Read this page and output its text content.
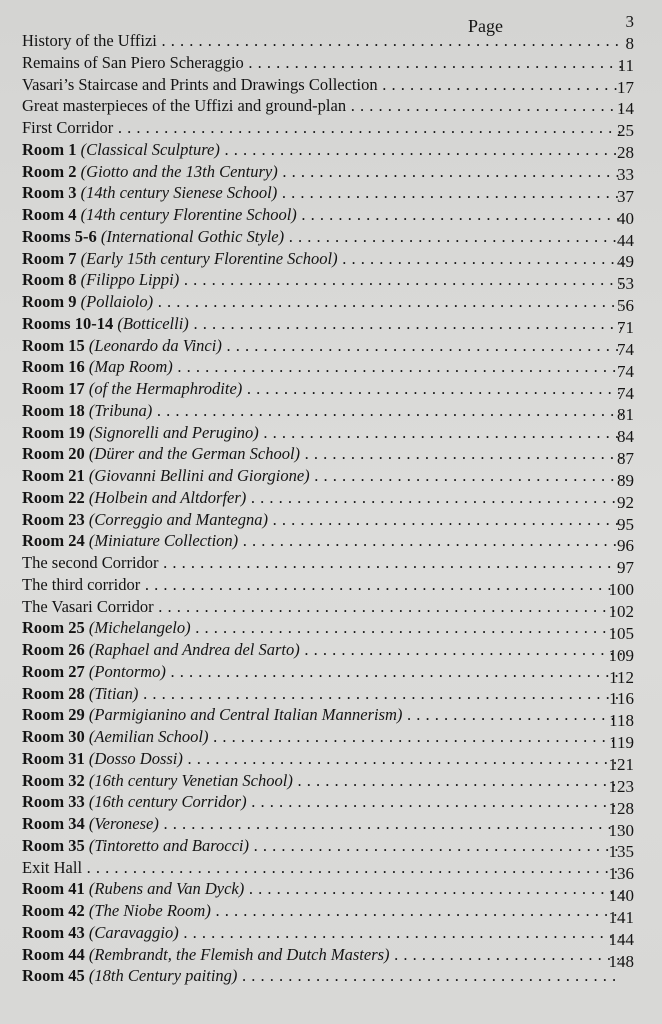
Page
History of the Uffizi . . .
Remains of San Piero Scheraggio . . .
Vasari’s Staircase and Prints and Drawings Collection . . .
Great masterpieces of the Uffizi and ground-plan . . .
First Corridor . . .
Room 1 (Classical Sculpture) . . .
Room 2 (Giotto and the 13th Century) . . .
Room 3 (14th century Sienese School) . . .
Room 4 (14th century Florentine School) . . .
Rooms 5-6 (International Gothic Style) . . .
Room 7 (Early 15th century Florentine School) . . .
Room 8 (Filippo Lippi) . . .
Room 9 (Pollaiolo) . . .
Rooms 10-14 (Botticelli) . . .
Room 15 (Leonardo da Vinci) . . .
Room 16 (Map Room) . . .
Room 17 (of the Hermaphrodite) . . .
Room 18 (Tribuna) . . .
Room 19 (Signorelli and Perugino) . . .
Room 20 (Dürer and the German School) . . .
Room 21 (Giovanni Bellini and Giorgione) . . .
Room 22 (Holbein and Altdorfer) . . .
Room 23 (Correggio and Mantegna) . . .
Room 24 (Miniature Collection) . . .
The second Corridor . . .
The third corridor . . .
The Vasari Corridor . . .
Room 25 (Michelangelo) . . .
Room 26 (Raphael and Andrea del Sarto) . . .
Room 27 (Pontormo) . . .
Room 28 (Titian) . . .
Room 29 (Parmigianino and Central Italian Mannerism) . . .
Room 30 (Aemilian School) . . .
Room 31 (Dosso Dossi) . . .
Room 32 (16th century Venetian School) . . .
Room 33 (16th century Corridor) . . .
Room 34 (Veronese) . . .
Room 35 (Tintoretto and Barocci) . . .
Exit Hall . . .
Room 41 (Rubens and Van Dyck) . . .
Room 42 (The Niobe Room) . . .
Room 43 (Caravaggio) . . .
Room 44 (Rembrandt, the Flemish and Dutch Masters) . . .
Room 45 (18th Century paiting) . . .
3
8
11
17
14
25
28
33
37
40
44
49
53
56
71
74
74
74
81
84
87
89
92
95
96
97
100
102
105
109
112
116
118
119
121
123
128
130
135
136
140
141
144
148
